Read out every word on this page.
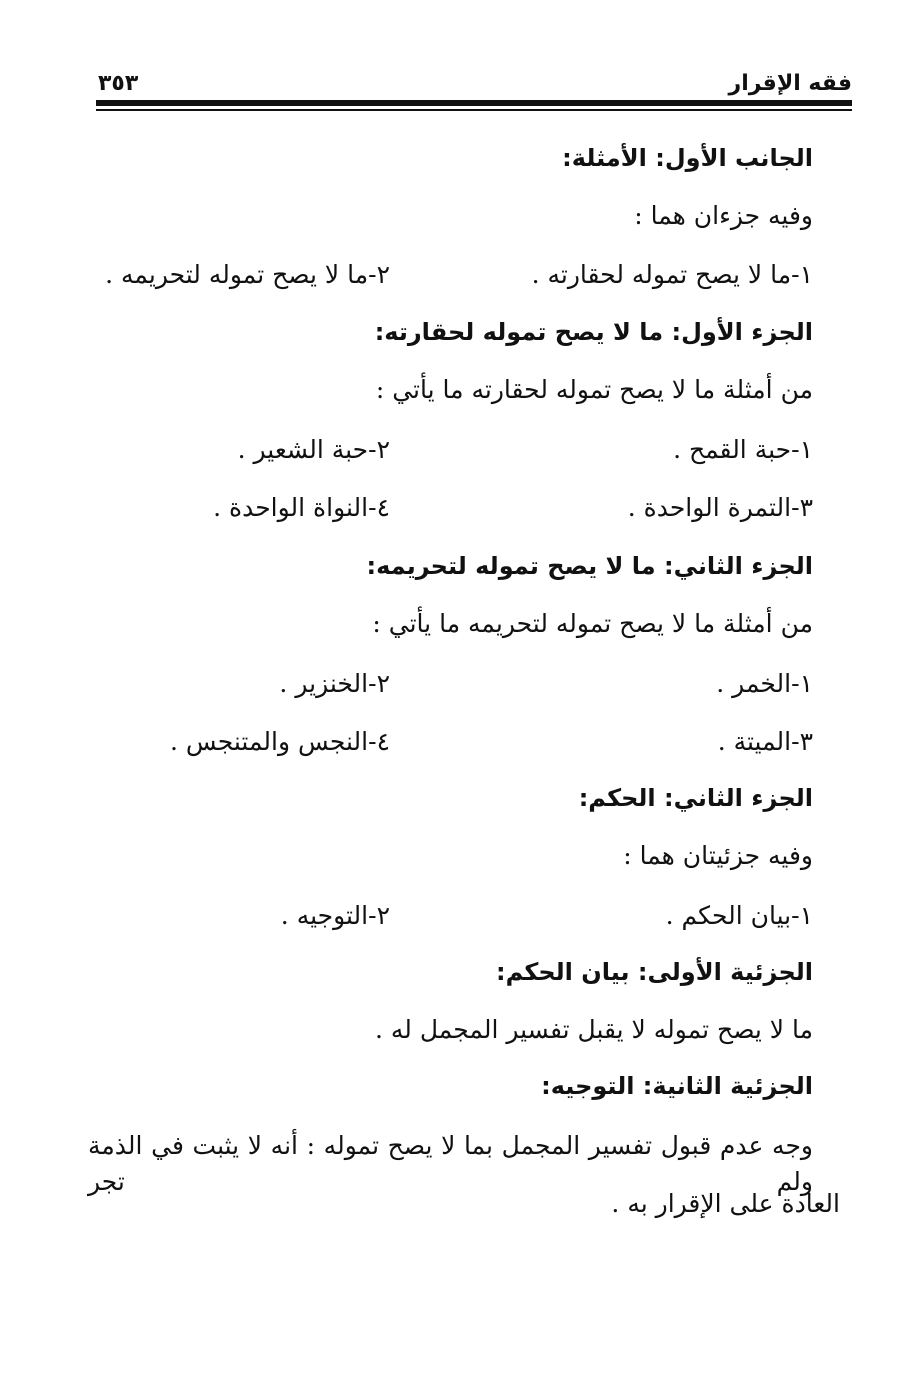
فقه الإقرار
٣٥٣
الجانب الأول: الأمثلة:
وفيه جزءان هما :
١-ما لا يصح تموله لحقارته .
٢-ما لا يصح تموله لتحريمه .
الجزء الأول: ما لا يصح تموله لحقارته:
من أمثلة ما لا يصح تموله لحقارته ما يأتي :
١-حبة القمح .
٢-حبة الشعير .
٣-التمرة الواحدة .
٤-النواة الواحدة .
الجزء الثاني: ما لا يصح تموله لتحريمه:
من أمثلة ما لا يصح تموله لتحريمه ما يأتي :
١-الخمر .
٢-الخنزير .
٣-الميتة .
٤-النجس والمتنجس .
الجزء الثاني: الحكم:
وفيه جزئيتان هما :
١-بيان الحكم .
٢-التوجيه .
الجزئية الأولى: بيان الحكم:
ما لا يصح تموله لا يقبل تفسير المجمل له .
الجزئية الثانية: التوجيه:
وجه عدم قبول تفسير المجمل بما لا يصح تموله : أنه لا يثبت في الذمة ولم تجر
العادة على الإقرار به .
